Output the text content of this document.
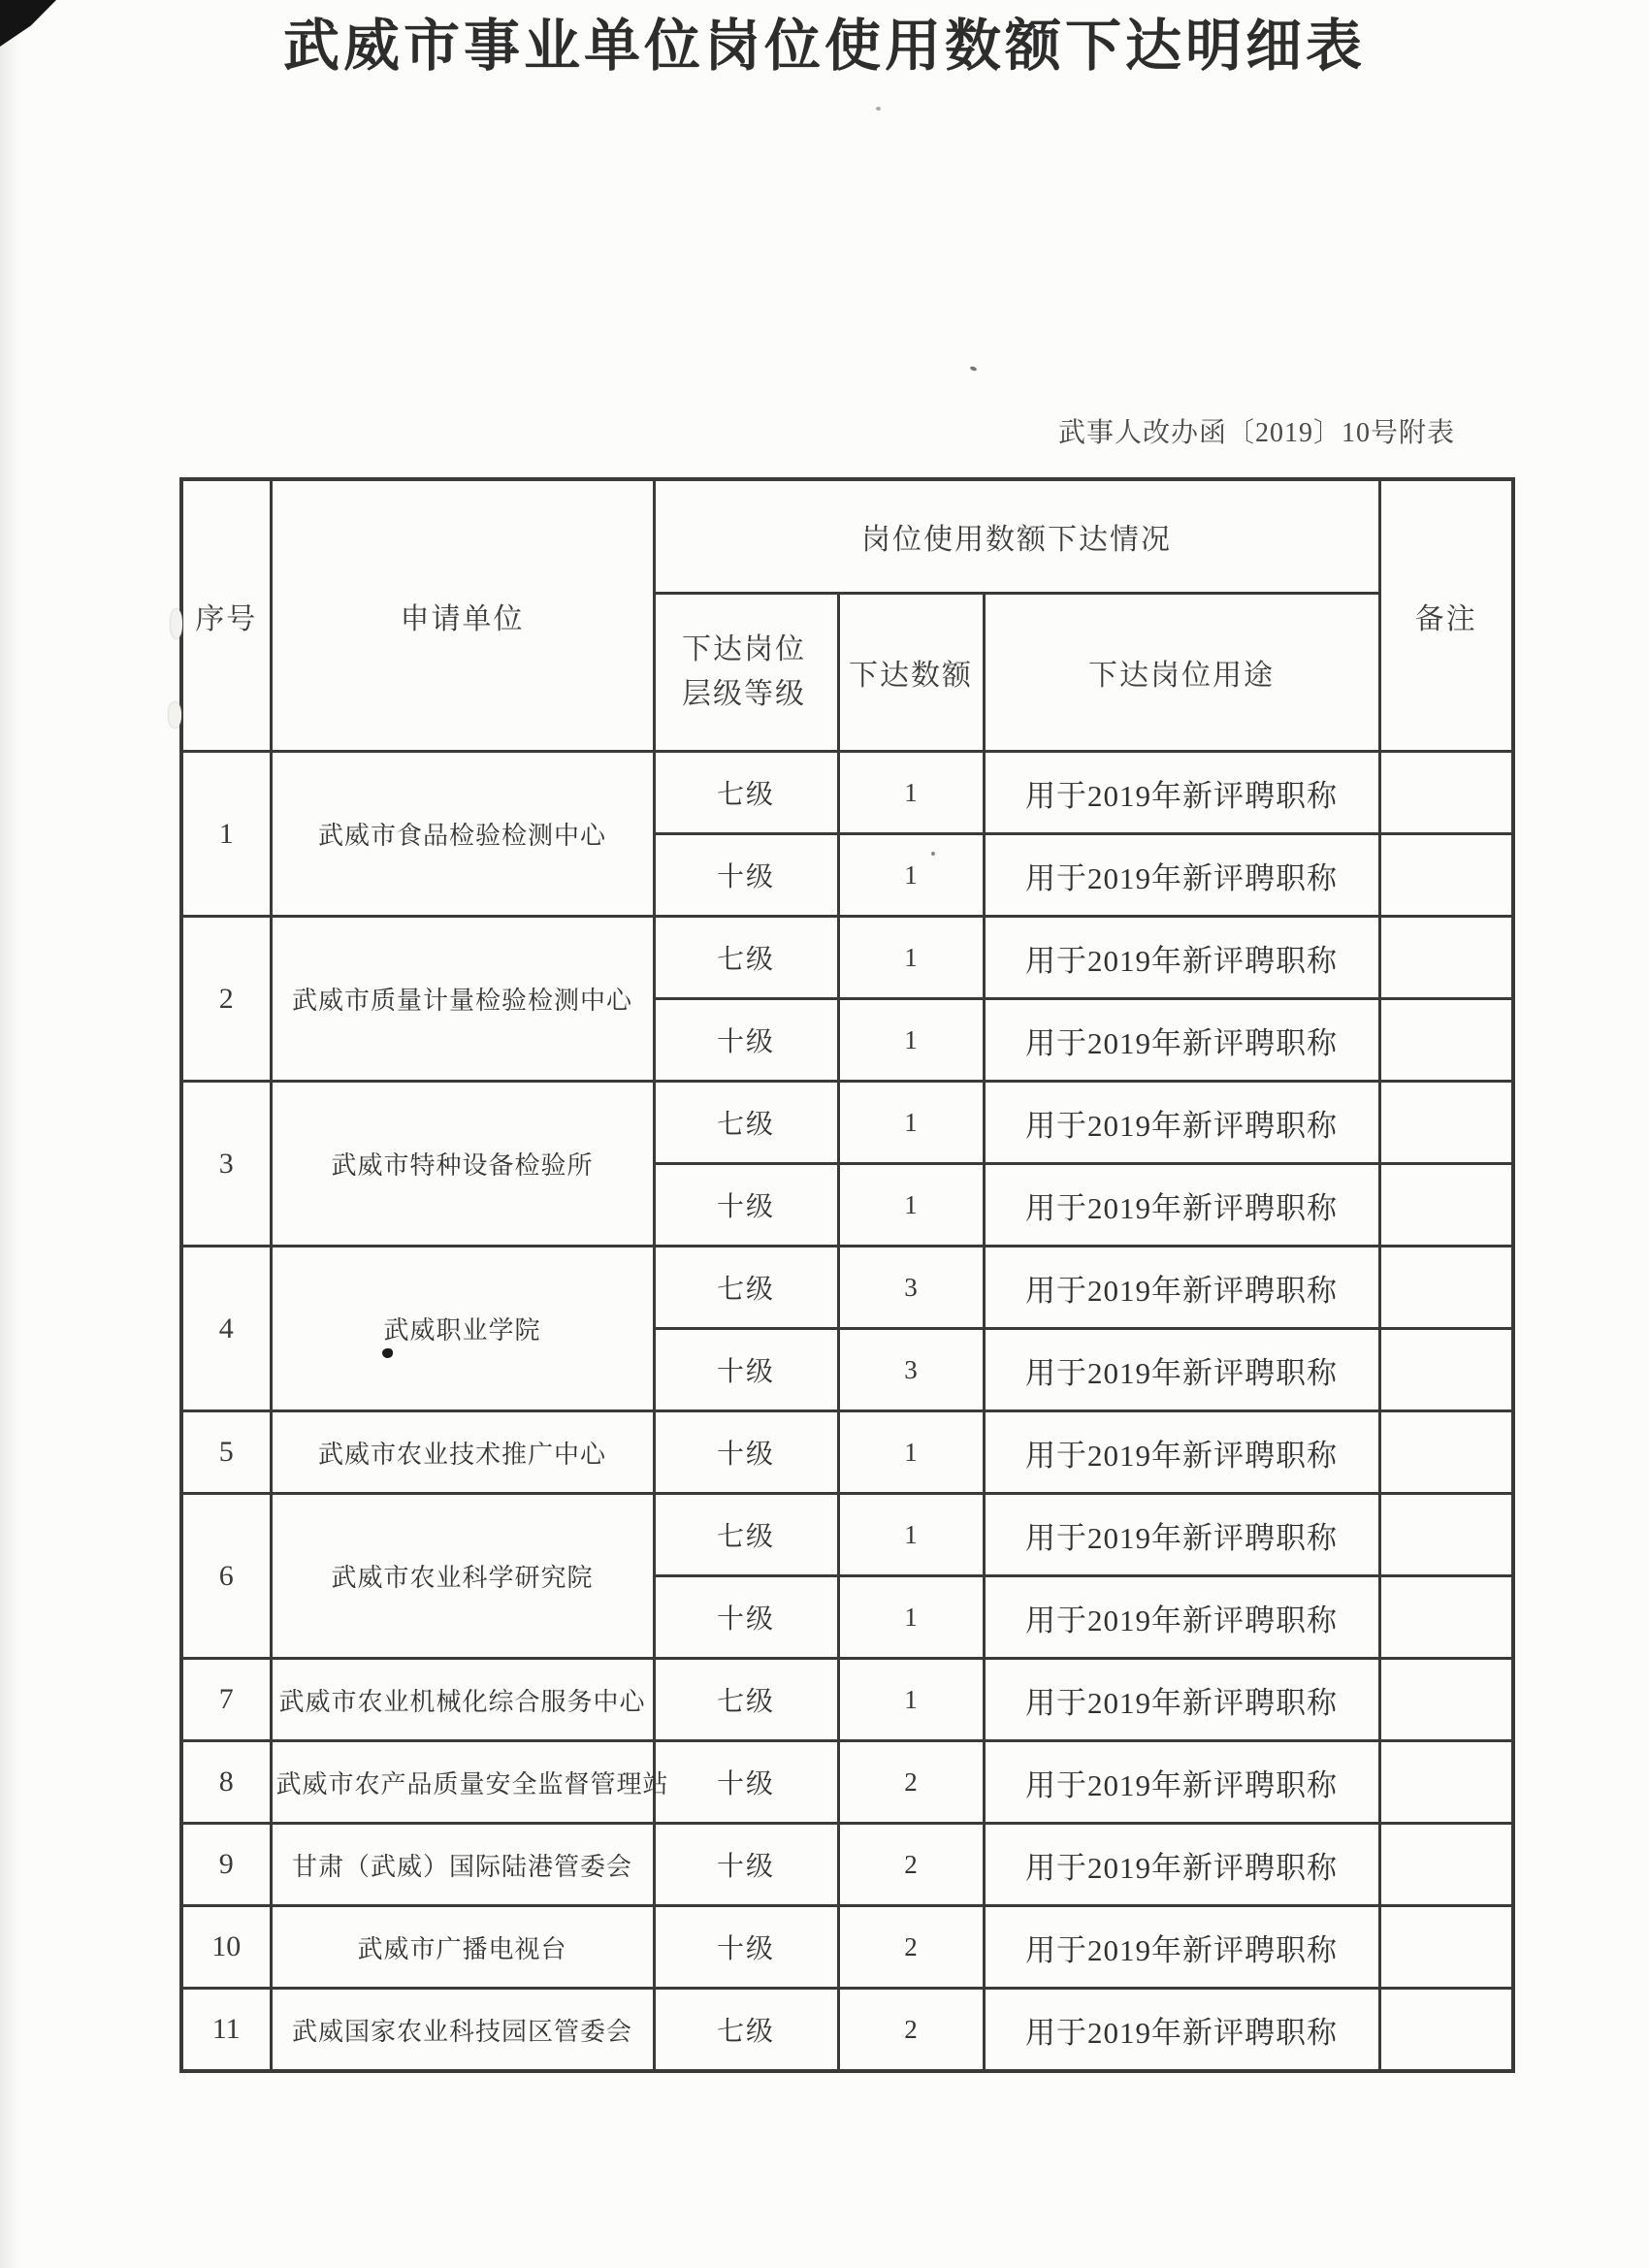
武威市事业单位岗位使用数额下达明细表
武事人改办函〔2019〕10号附表
序号	申请单位	岗位使用数额下达情况			备注
		下达岗位层级等级	下达数额	下达岗位用途	
1	武威市食品检验检测中心	七级	1	用于2019年新评聘职称	
		十级	1	用于2019年新评聘职称	
2	武威市质量计量检验检测中心	七级	1	用于2019年新评聘职称	
		十级	1	用于2019年新评聘职称	
3	武威市特种设备检验所	七级	1	用于2019年新评聘职称	
		十级	1	用于2019年新评聘职称	
4	武威职业学院	七级	3	用于2019年新评聘职称	
		十级	3	用于2019年新评聘职称	
5	武威市农业技术推广中心	十级	1	用于2019年新评聘职称	
6	武威市农业科学研究院	七级	1	用于2019年新评聘职称	
		十级	1	用于2019年新评聘职称	
7	武威市农业机械化综合服务中心	七级	1	用于2019年新评聘职称	
8	武威市农产品质量安全监督管理站	十级	2	用于2019年新评聘职称	
9	甘肃（武威）国际陆港管委会	十级	2	用于2019年新评聘职称	
10	武威市广播电视台	十级	2	用于2019年新评聘职称	
11	武威国家农业科技园区管委会	七级	2	用于2019年新评聘职称	
